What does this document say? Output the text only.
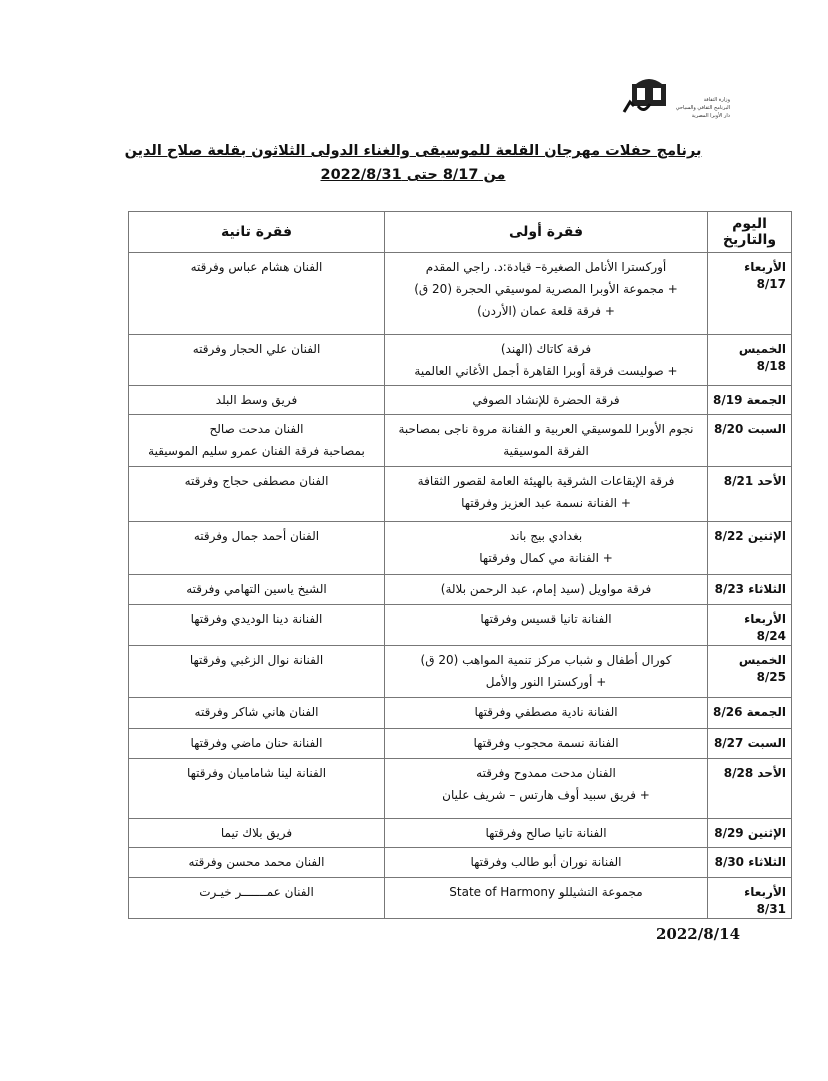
وزارة الثقافة
البرنامج الثقافي والسياحي
دار الأوبرا المصرية
برنامج حفلات مهرجان القلعة للموسيقى والغناء الدولى الثلاثون بقلعة صلاح الدين
من 8/17 حتى 2022/8/31
اليوم والتاريخ	فقرة أولى	فقرة تانية
الأربعاء 8/17	أوركسترا الأنامل الصغيرة– قيادة:د. راجي المقدم
+ مجموعة الأوبرا المصرية لموسيقي الحجرة (20 ق)
+ فرقة قلعة عمان (الأردن)	الفنان هشام عباس وفرقته

الخميس 8/18	فرقة كاتاك (الهند)
+ صوليست فرقة أوبرا القاهرة أجمل الأغاني العالمية	الفنان علي الحجار وفرقته

الجمعة 8/19	فرقة الحضرة للإنشاد الصوفي	فريق وسط البلد

السبت 8/20	نجوم الأوبرا للموسيقي العربية و الفنانة مروة ناجى بمصاحبة
الفرقة الموسيقية	الفنان مدحت صالح
بمصاحبة فرقة الفنان عمرو سليم الموسيقية

الأحد 8/21	فرقة الإيقاعات الشرقية بالهيئة العامة لقصور الثقافة
+ الفنانة نسمة عبد العزيز وفرقتها	الفنان مصطفى حجاج وفرقته

الإثنين 8/22	بغدادي بيج باند
+ الفنانة مي كمال وفرقتها	الفنان أحمد جمال وفرقته

الثلاثاء 8/23	فرقة مواويل (سيد إمام، عبد الرحمن بلالة)	الشيخ ياسين التهامي وفرقته

الأربعاء 8/24	الفنانة تانيا قسيس وفرقتها	الفنانة دينا الوديدي وفرقتها

الخميس 8/25	كورال أطفال و شباب مركز تنمية المواهب (20 ق)
+ أوركسترا النور والأمل	الفنانة نوال الزغبي وفرقتها

الجمعة 8/26	الفنانة نادية مصطفي وفرقتها	الفنان هاني شاكر وفرقته

السبت 8/27	الفنانة نسمة محجوب وفرقتها	الفنانة حنان ماضي وفرقتها

الأحد 8/28	الفنان مدحت ممدوح وفرقته
+ فريق سبيد أوف هارتس – شريف عليان	الفنانة لينا شاماميان وفرقتها

الإثنين 8/29	الفنانة تانيا صالح وفرقتها	فريق بلاك تيما

الثلاثاء 8/30	الفنانة نوران أبو طالب وفرقتها	الفنان محمد محسن وفرقته

الأربعاء 8/31	مجموعة التشيللو State of Harmony	الفنان عمـــــــر خيـرت
2022/8/14
